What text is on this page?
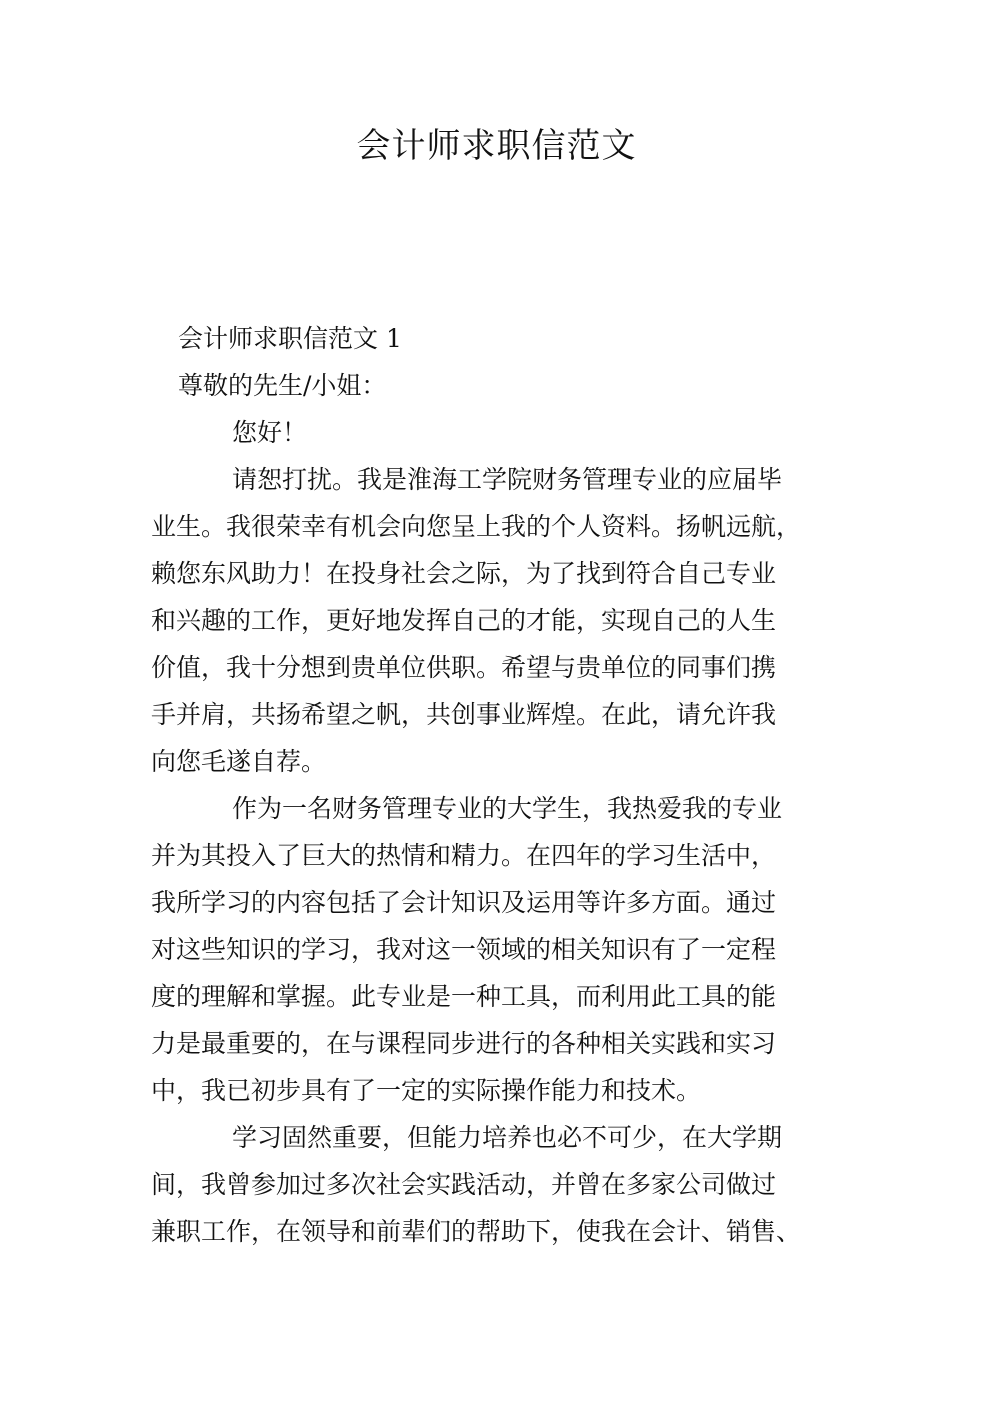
会计师求职信范文

会计师求职信范文 1

尊敬的先生/小姐：

您好！

请恕打扰。我是淮海工学院财务管理专业的应届毕

业生。我很荣幸有机会向您呈上我的个人资料。扬帆远航，

赖您东风助力！在投身社会之际，为了找到符合自己专业

和兴趣的工作，更好地发挥自己的才能，实现自己的人生

价值，我十分想到贵单位供职。希望与贵单位的同事们携

手并肩，共扬希望之帆，共创事业辉煌。在此，请允许我

向您毛遂自荐。

作为一名财务管理专业的大学生，我热爱我的专业

并为其投入了巨大的热情和精力。在四年的学习生活中，

我所学习的内容包括了会计知识及运用等许多方面。通过

对这些知识的学习，我对这一领域的相关知识有了一定程

度的理解和掌握。此专业是一种工具，而利用此工具的能

力是最重要的，在与课程同步进行的各种相关实践和实习

中，我已初步具有了一定的实际操作能力和技术。

学习固然重要，但能力培养也必不可少，在大学期

间，我曾参加过多次社会实践活动，并曾在多家公司做过

兼职工作，在领导和前辈们的帮助下，使我在会计、销售、
